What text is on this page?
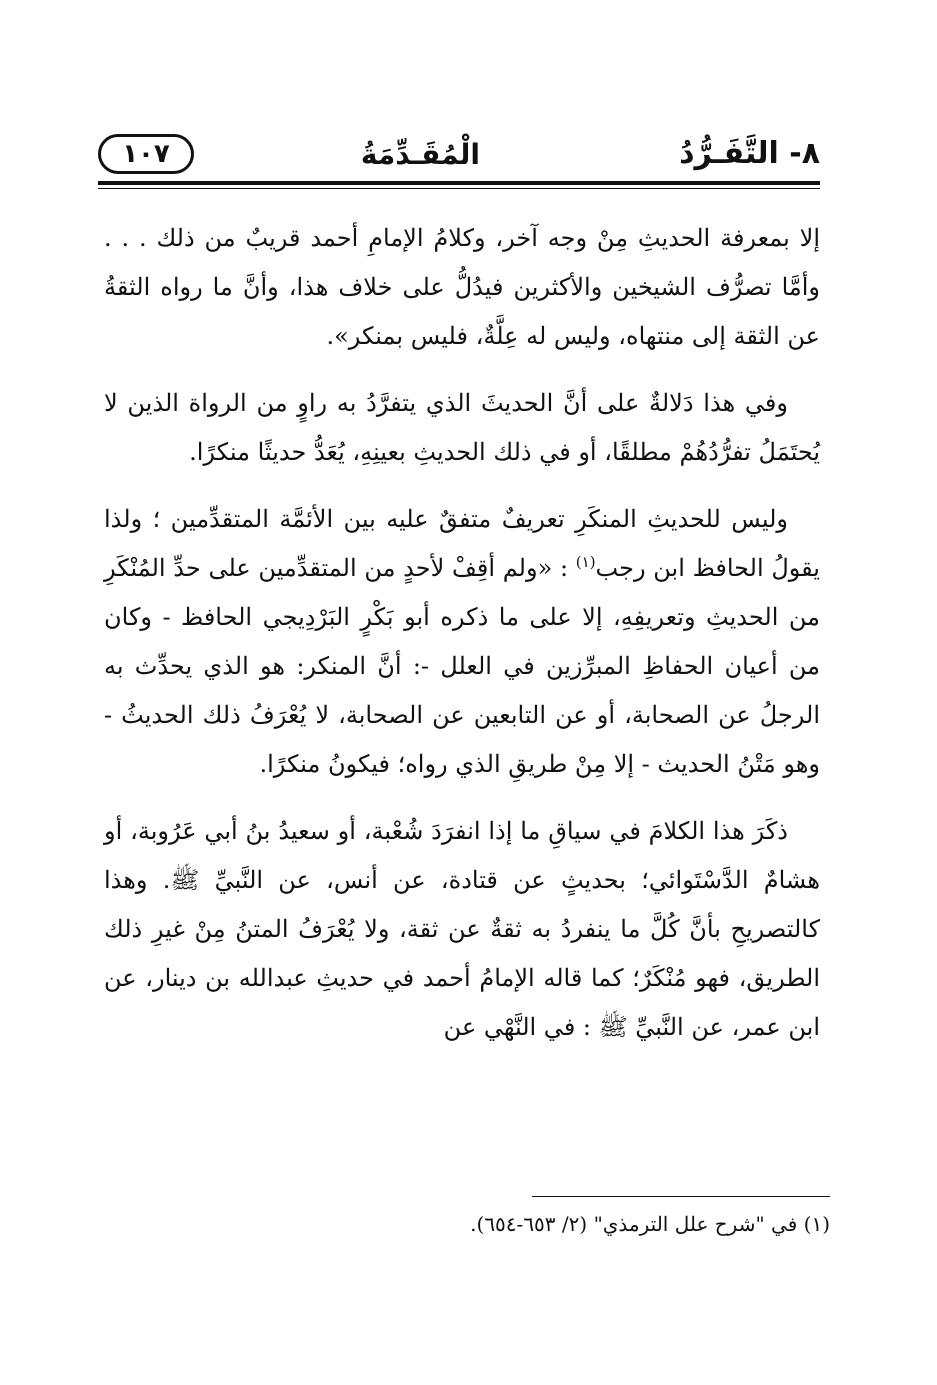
٨- التَّفَـرُّدُ
الْمُقَـدِّمَةُ
١٠٧

إلا بمعرفة الحديثِ مِنْ وجه آخر، وكلامُ الإمامِ أحمد قريبٌ من ذلك . . . وأمَّا تصرُّف الشيخين والأكثرين فيدُلُّ على خلاف هذا، وأنَّ ما رواه الثقةُ عن الثقة إلى منتهاه، وليس له عِلَّةٌ، فليس بمنكر».

وفي هذا دَلالةٌ على أنَّ الحديثَ الذي يتفرَّدُ به راوٍ من الرواة الذين لا يُحتَمَلُ تفرُّدُهُمْ مطلقًا، أو في ذلك الحديثِ بعينِهِ، يُعَدُّ حديثًا منكرًا.

وليس للحديثِ المنكَرِ تعريفٌ متفقٌ عليه بين الأئمَّة المتقدِّمين ؛ ولذا يقولُ الحافظ ابن رجب$^{(١)}$ : «ولم أقِفْ لأحدٍ من المتقدِّمين على حدِّ المُنْكَرِ من الحديثِ وتعريفِهِ، إلا على ما ذكره أبو بَكْرٍ البَرْدِيجي الحافظ - وكان من أعيان الحفاظِ المبرِّزين في العلل -: أنَّ المنكر: هو الذي يحدِّث به الرجلُ عن الصحابة، أو عن التابعين عن الصحابة، لا يُعْرَفُ ذلك الحديثُ - وهو مَتْنُ الحديث - إلا مِنْ طريقِ الذي رواه؛ فيكونُ منكرًا.

ذكَرَ هذا الكلامَ في سياقِ ما إذا انفرَدَ شُعْبة، أو سعيدُ بنُ أبي عَرُوبة، أو هشامٌ الدَّسْتَوائي؛ بحديثٍ عن قتادة، عن أنس، عن النَّبيِّ ﷺ. وهذا كالتصريحِ بأنَّ كُلَّ ما ينفردُ به ثقةٌ عن ثقة، ولا يُعْرَفُ المتنُ مِنْ غيرِ ذلك الطريق، فهو مُنْكَرٌ؛ كما قاله الإمامُ أحمد في حديثِ عبدالله بن دينار، عن ابن عمر، عن النَّبيِّ ﷺ : في النَّهْي عن

(١) في "شرح علل الترمذي" (٢/ ٦٥٣-٦٥٤).
